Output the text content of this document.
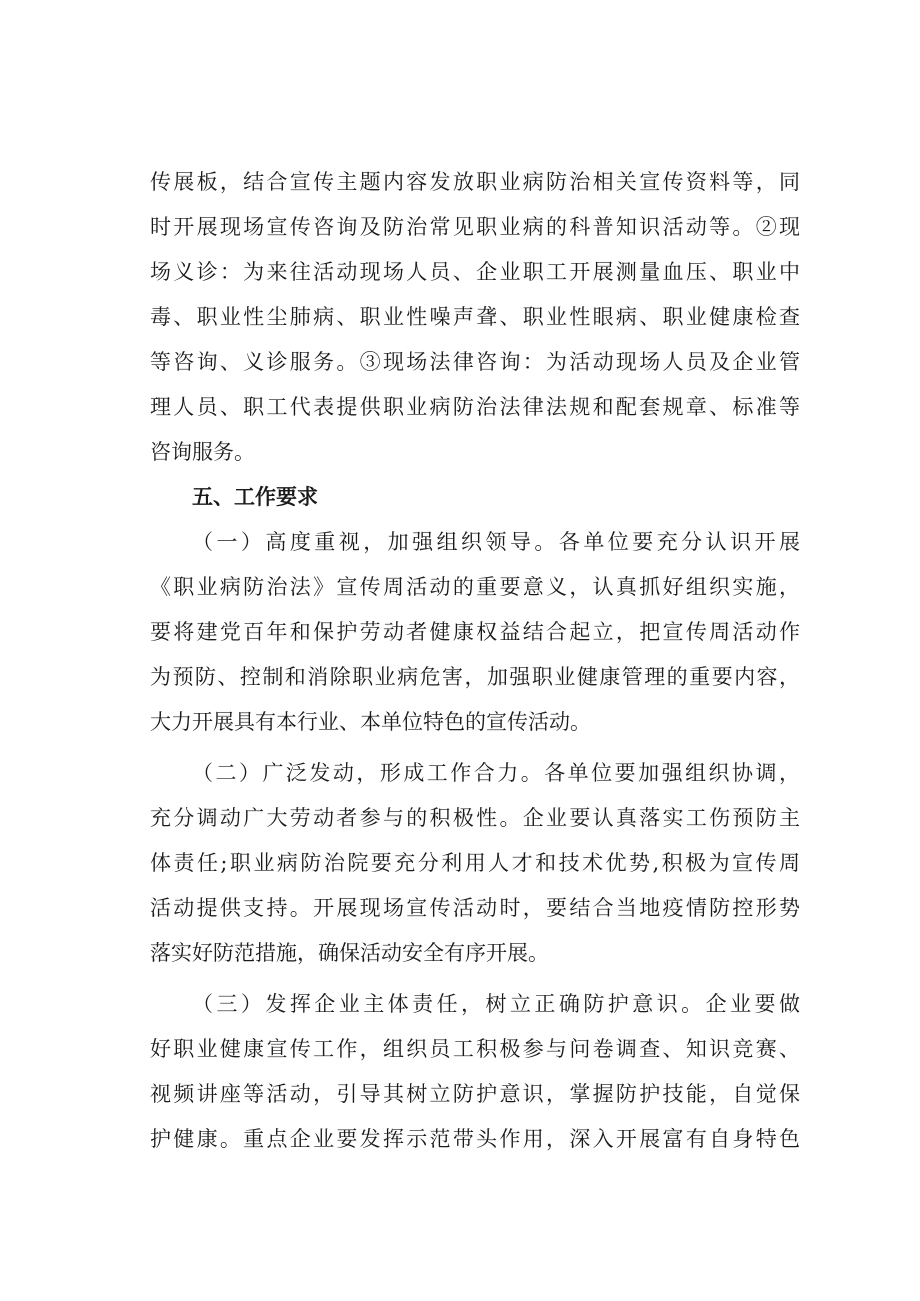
传展板，结合宣传主题内容发放职业病防治相关宣传资料等，同
时开展现场宣传咨询及防治常见职业病的科普知识活动等。②现
场义诊：为来往活动现场人员、企业职工开展测量血压、职业中
毒、职业性尘肺病、职业性噪声聋、职业性眼病、职业健康检查
等咨询、义诊服务。③现场法律咨询：为活动现场人员及企业管
理人员、职工代表提供职业病防治法律法规和配套规章、标准等
咨询服务。
五、工作要求
（一）高度重视，加强组织领导。各单位要充分认识开展
《职业病防治法》宣传周活动的重要意义，认真抓好组织实施，
要将建党百年和保护劳动者健康权益结合起立，把宣传周活动作
为预防、控制和消除职业病危害，加强职业健康管理的重要内容，
大力开展具有本行业、本单位特色的宣传活动。
（二）广泛发动，形成工作合力。各单位要加强组织协调，
充分调动广大劳动者参与的积极性。企业要认真落实工伤预防主
体责任;职业病防治院要充分利用人才和技术优势,积极为宣传周
活动提供支持。开展现场宣传活动时，要结合当地疫情防控形势
落实好防范措施，确保活动安全有序开展。
（三）发挥企业主体责任，树立正确防护意识。企业要做
好职业健康宣传工作，组织员工积极参与问卷调查、知识竞赛、
视频讲座等活动，引导其树立防护意识，掌握防护技能，自觉保
护健康。重点企业要发挥示范带头作用，深入开展富有自身特色
